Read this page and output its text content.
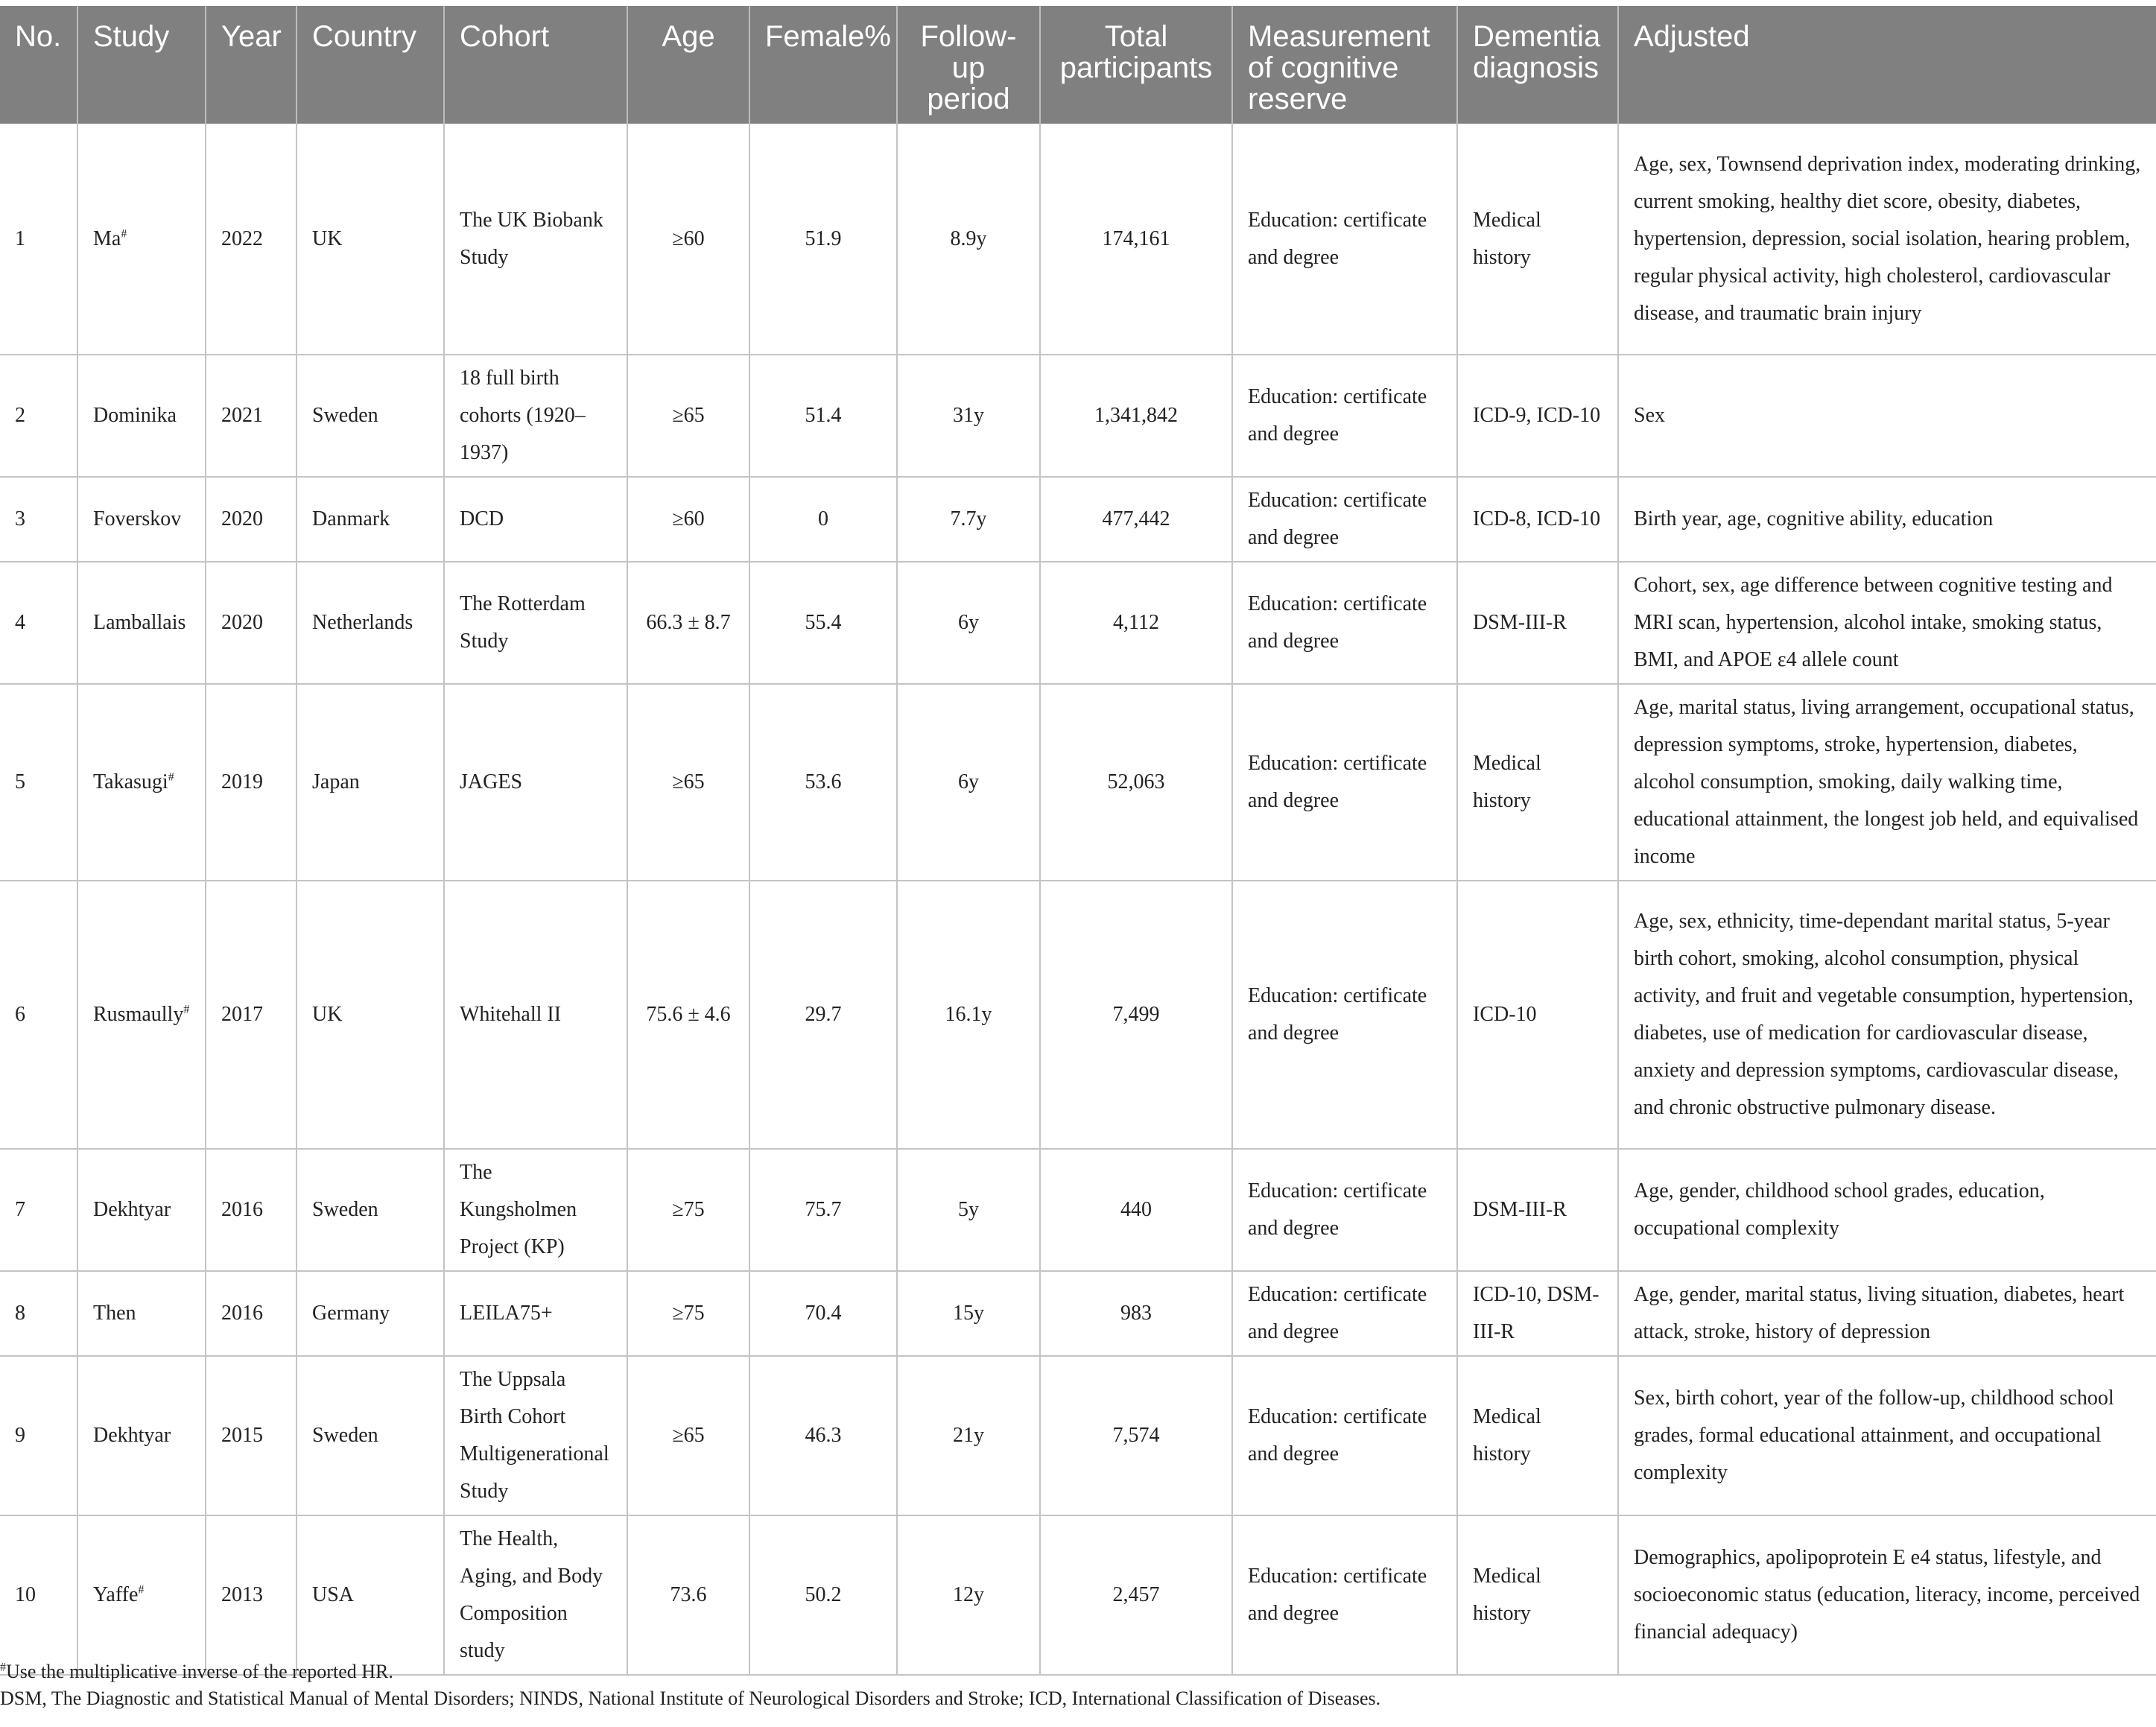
No.	Study	Year	Country	Cohort	Age	Female%	Follow-up period	Total participants	Measurement of cognitive reserve	Dementia diagnosis	Adjusted
1	Ma#	2022	UK	The UK Biobank Study	≥60	51.9	8.9y	174,161	Education: certificate and degree	Medical history	Age, sex, Townsend deprivation index, moderating drinking, current smoking, healthy diet score, obesity, diabetes, hypertension, depression, social isolation, hearing problem, regular physical activity, high cholesterol, cardiovascular disease, and traumatic brain injury
2	Dominika	2021	Sweden	18 full birth cohorts (1920–1937)	≥65	51.4	31y	1,341,842	Education: certificate and degree	ICD-9, ICD-10	Sex
3	Foverskov	2020	Danmark	DCD	≥60	0	7.7y	477,442	Education: certificate and degree	ICD-8, ICD-10	Birth year, age, cognitive ability, education
4	Lamballais	2020	Netherlands	The Rotterdam Study	66.3 ± 8.7	55.4	6y	4,112	Education: certificate and degree	DSM-III-R	Cohort, sex, age difference between cognitive testing and MRI scan, hypertension, alcohol intake, smoking status, BMI, and APOE ε4 allele count
5	Takasugi#	2019	Japan	JAGES	≥65	53.6	6y	52,063	Education: certificate and degree	Medical history	Age, marital status, living arrangement, occupational status, depression symptoms, stroke, hypertension, diabetes, alcohol consumption, smoking, daily walking time, educational attainment, the longest job held, and equivalised income
6	Rusmaully#	2017	UK	Whitehall II	75.6 ± 4.6	29.7	16.1y	7,499	Education: certificate and degree	ICD-10	Age, sex, ethnicity, time-dependant marital status, 5-year birth cohort, smoking, alcohol consumption, physical activity, and fruit and vegetable consumption, hypertension, diabetes, use of medication for cardiovascular disease, anxiety and depression symptoms, cardiovascular disease, and chronic obstructive pulmonary disease.
7	Dekhtyar	2016	Sweden	The Kungsholmen Project (KP)	≥75	75.7	5y	440	Education: certificate and degree	DSM-III-R	Age, gender, childhood school grades, education, occupational complexity
8	Then	2016	Germany	LEILA75+	≥75	70.4	15y	983	Education: certificate and degree	ICD-10, DSM-III-R	Age, gender, marital status, living situation, diabetes, heart attack, stroke, history of depression
9	Dekhtyar	2015	Sweden	The Uppsala Birth Cohort Multigenerational Study	≥65	46.3	21y	7,574	Education: certificate and degree	Medical history	Sex, birth cohort, year of the follow-up, childhood school grades, formal educational attainment, and occupational complexity
10	Yaffe#	2013	USA	The Health, Aging, and Body Composition study	73.6	50.2	12y	2,457	Education: certificate and degree	Medical history	Demographics, apolipoprotein E e4 status, lifestyle, and socioeconomic status (education, literacy, income, perceived financial adequacy)
#Use the multiplicative inverse of the reported HR.
DSM, The Diagnostic and Statistical Manual of Mental Disorders; NINDS, National Institute of Neurological Disorders and Stroke; ICD, International Classification of Diseases.
